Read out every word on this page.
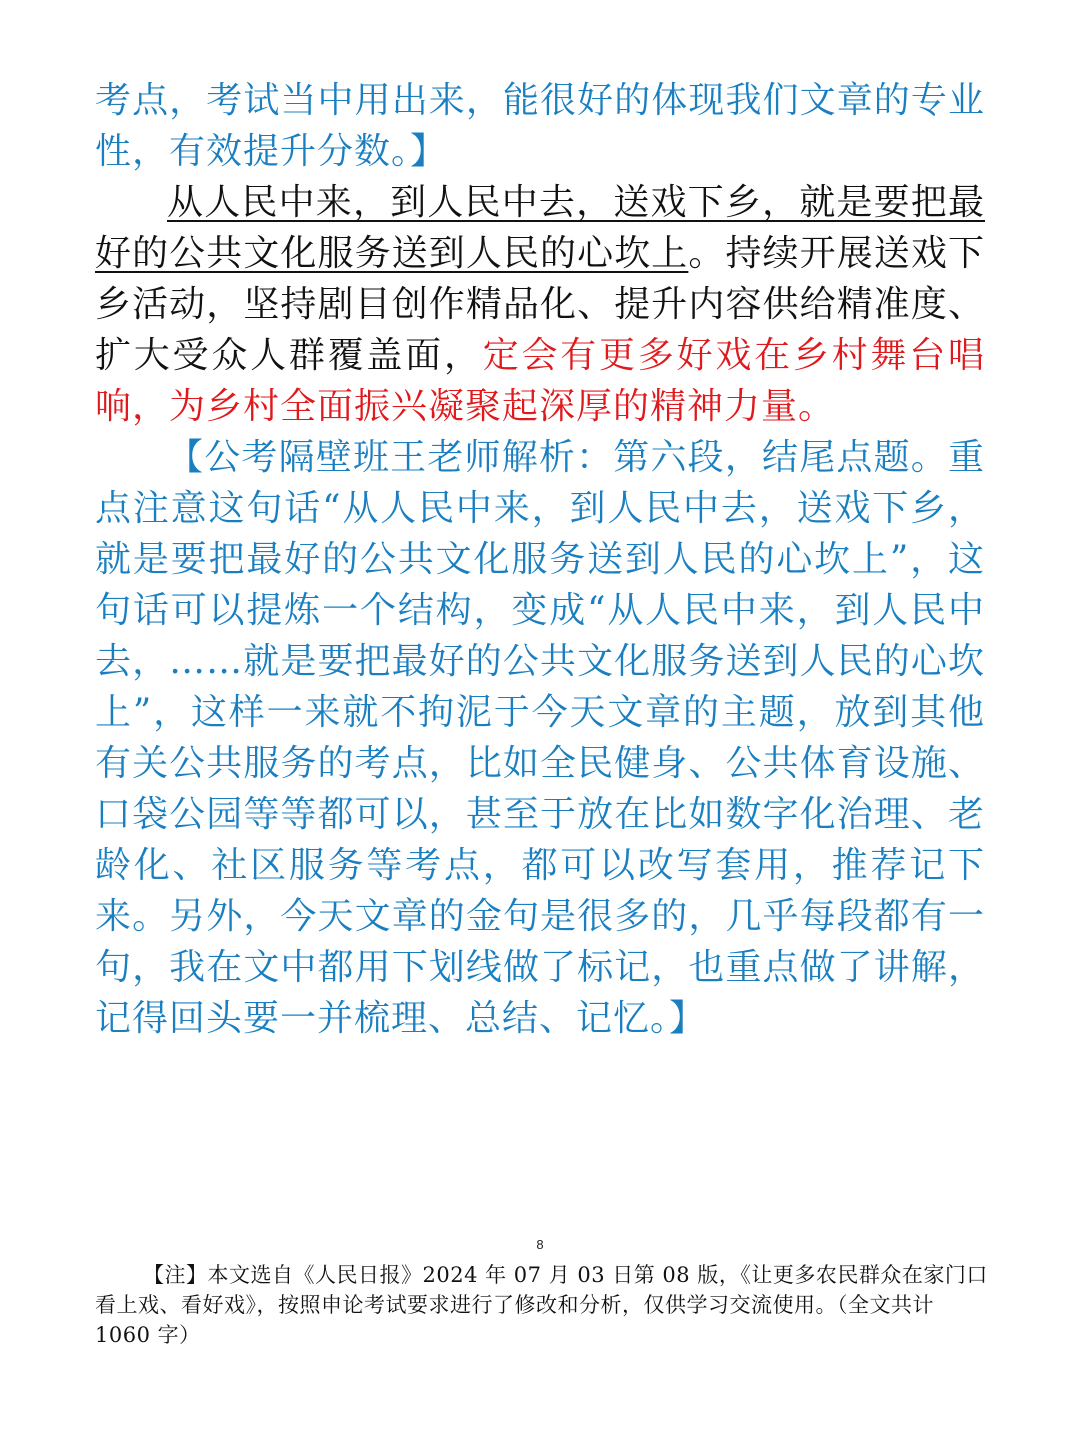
考点，考试当中用出来，能很好的体现我们文章的专业性，有效提升分数。】

从人民中来，到人民中去，送戏下乡，就是要把最好的公共文化服务送到人民的心坎上。持续开展送戏下乡活动，坚持剧目创作精品化、提升内容供给精准度、扩大受众人群覆盖面，定会有更多好戏在乡村舞台唱响，为乡村全面振兴凝聚起深厚的精神力量。

【公考隔壁班王老师解析：第六段，结尾点题。重点注意这句话“从人民中来，到人民中去，送戏下乡，就是要把最好的公共文化服务送到人民的心坎上”，这句话可以提炼一个结构，变成“从人民中来，到人民中去，……就是要把最好的公共文化服务送到人民的心坎上”，这样一来就不拘泥于今天文章的主题，放到其他有关公共服务的考点，比如全民健身、公共体育设施、口袋公园等等都可以，甚至于放在比如数字化治理、老龄化、社区服务等考点，都可以改写套用，推荐记下来。另外，今天文章的金句是很多的，几乎每段都有一句，我在文中都用下划线做了标记，也重点做了讲解，记得回头要一并梳理、总结、记忆。】

8
【注】本文选自《人民日报》2024 年 07 月 03 日第 08 版，《让更多农民群众在家门口看上戏、看好戏》，按照申论考试要求进行了修改和分析，仅供学习交流使用。（全文共计 1060 字）
